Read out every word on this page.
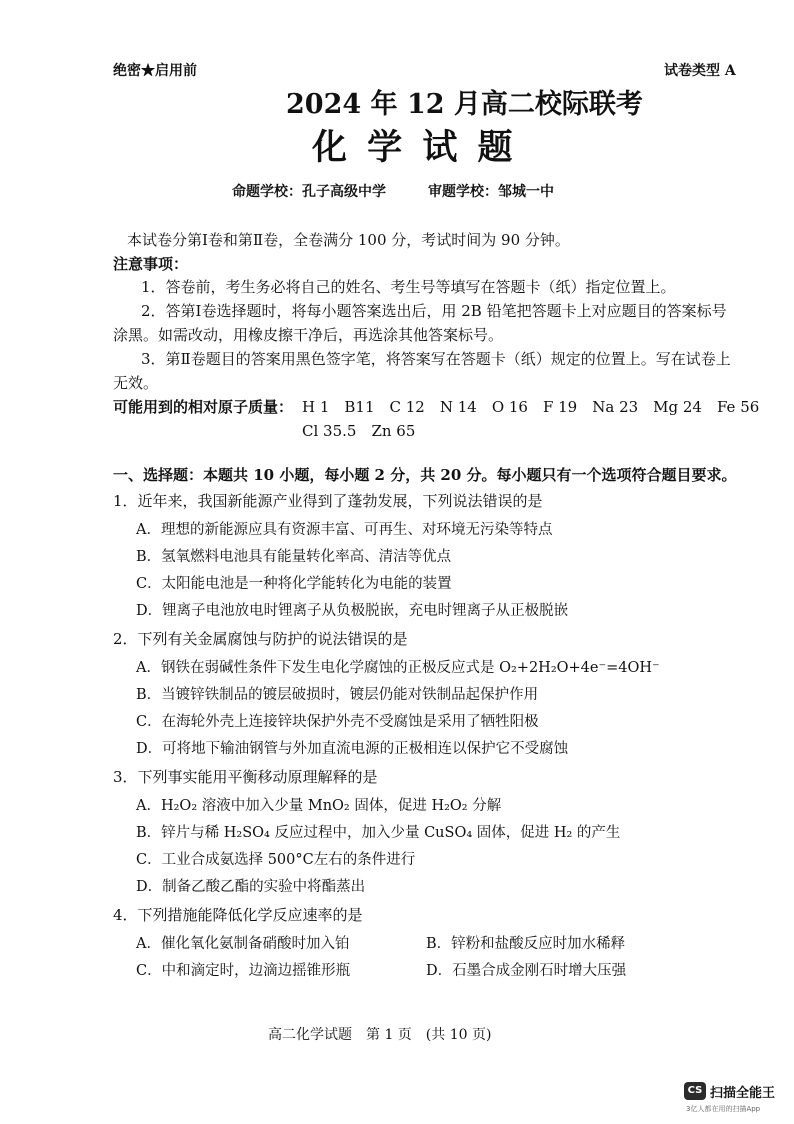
绝密★启用前	试卷类型 A
2024 年 12 月高二校际联考
化 学 试 题
命题学校：孔子高级中学　　　审题学校：邹城一中
本试卷分第Ⅰ卷和第Ⅱ卷，全卷满分 100 分，考试时间为 90 分钟。
注意事项：
1．答卷前，考生务必将自己的姓名、考生号等填写在答题卡（纸）指定位置上。
2．答第Ⅰ卷选择题时，将每小题答案选出后，用 2B 铅笔把答题卡上对应题目的答案标号
涂黑。如需改动，用橡皮擦干净后，再选涂其他答案标号。
3．第Ⅱ卷题目的答案用黑色签字笔，将答案写在答题卡（纸）规定的位置上。写在试卷上
无效。
可能用到的相对原子质量： H 1　B11　C 12　N 14　O 16　F 19　Na 23　Mg 24　Fe 56
Cl 35.5　Zn 65
一、选择题：本题共 10 小题，每小题 2 分，共 20 分。每小题只有一个选项符合题目要求。
1．近年来，我国新能源产业得到了蓬勃发展，下列说法错误的是
A．理想的新能源应具有资源丰富、可再生、对环境无污染等特点
B．氢氧燃料电池具有能量转化率高、清洁等优点
C．太阳能电池是一种将化学能转化为电能的装置
D．锂离子电池放电时锂离子从负极脱嵌，充电时锂离子从正极脱嵌
2．下列有关金属腐蚀与防护的说法错误的是
A．钢铁在弱碱性条件下发生电化学腐蚀的正极反应式是 O₂+2H₂O+4e⁻=4OH⁻
B．当镀锌铁制品的镀层破损时，镀层仍能对铁制品起保护作用
C．在海轮外壳上连接锌块保护外壳不受腐蚀是采用了牺牲阳极
D．可将地下输油钢管与外加直流电源的正极相连以保护它不受腐蚀
3．下列事实能用平衡移动原理解释的是
A．H₂O₂ 溶液中加入少量 MnO₂ 固体，促进 H₂O₂ 分解
B．锌片与稀 H₂SO₄ 反应过程中，加入少量 CuSO₄ 固体，促进 H₂ 的产生
C．工业合成氨选择 500°C左右的条件进行
D．制备乙酸乙酯的实验中将酯蒸出
4．下列措施能降低化学反应速率的是
A．催化氧化氨制备硝酸时加入铂	B．锌粉和盐酸反应时加水稀释
C．中和滴定时，边滴边摇锥形瓶	D．石墨合成金刚石时增大压强
高二化学试题　第 1 页　(共 10 页)
CS 扫描全能王
3亿人都在用的扫描App
